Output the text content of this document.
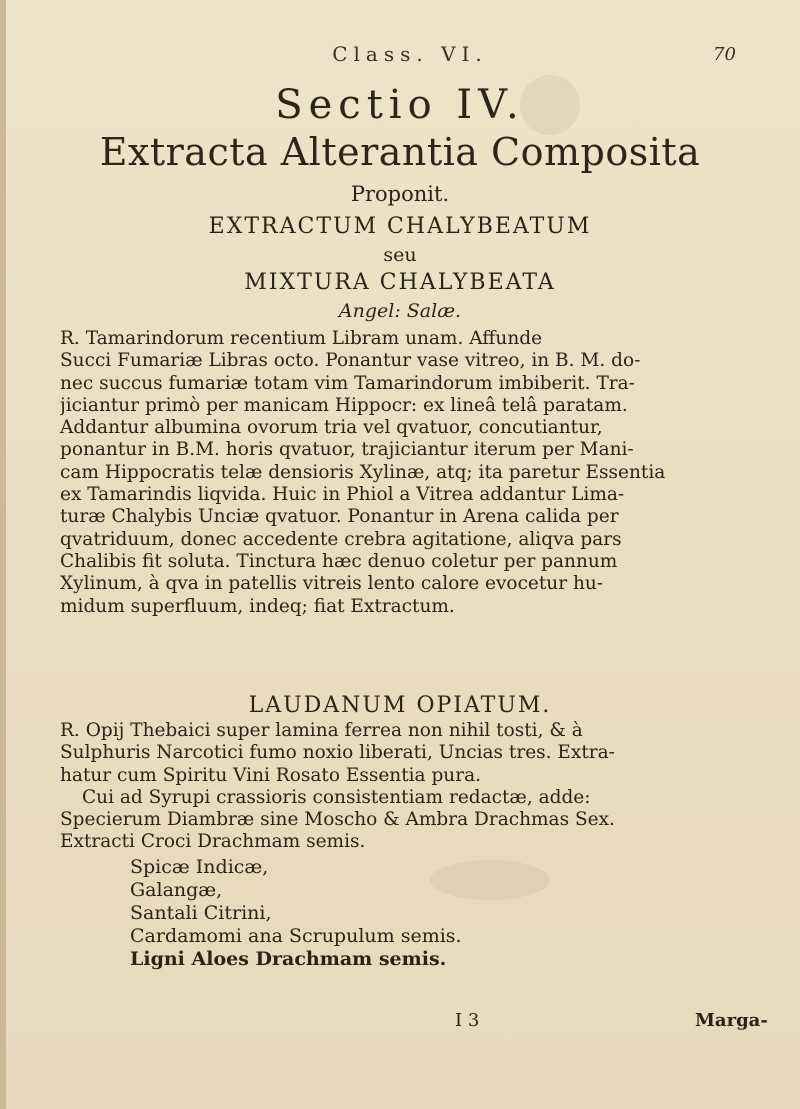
Class. VI.	70
Sectio IV.
Extracta Alterantia Composita
Proponit.
EXTRACTUM CHALYBEATUM
seu
MIXTURA CHALYBEATA
Angel: Salæ.
R. Tamarindorum recentium Libram unam. Affunde
Succi Fumariæ Libras octo. Ponantur vase vitreo, in B. M. do-
nec succus fumariæ totam vim Tamarindorum imbiberit. Tra-
jiciantur primò per manicam Hippocr: ex lineâ telâ paratam.
Addantur albumina ovorum tria vel qvatuor, concutiantur,
ponantur in B.M. horis qvatuor, trajiciantur iterum per Mani-
cam Hippocratis telæ densioris Xylinæ, atq; ita paretur Essentia
ex Tamarindis liqvida. Huic in Phiol a Vitrea addantur Lima-
turæ Chalybis Unciæ qvatuor. Ponantur in Arena calida per
qvatriduum, donec accedente crebra agitatione, aliqva pars
Chalibis fit soluta. Tinctura hæc denuo coletur per pannum
Xylinum, à qva in patellis vitreis lento calore evocetur hu-
midum superfluum, indeq; fiat Extractum.
LAUDANUM OPIATUM.
R. Opij Thebaici super lamina ferrea non nihil tosti, & à
Sulphuris Narcotici fumo noxio liberati, Uncias tres. Extra-
hatur cum Spiritu Vini Rosato Essentia pura.
Cui ad Syrupi crassioris consistentiam redactæ, adde:
Specierum Diambræ sine Moscho & Ambra Drachmas Sex.
Extracti Croci Drachmam semis.
Spicæ Indicæ,
Galangæ,
Santali Citrini,
Cardamomi ana Scrupulum semis.
Ligni Aloes Drachmam semis.
I 3	Marga-
